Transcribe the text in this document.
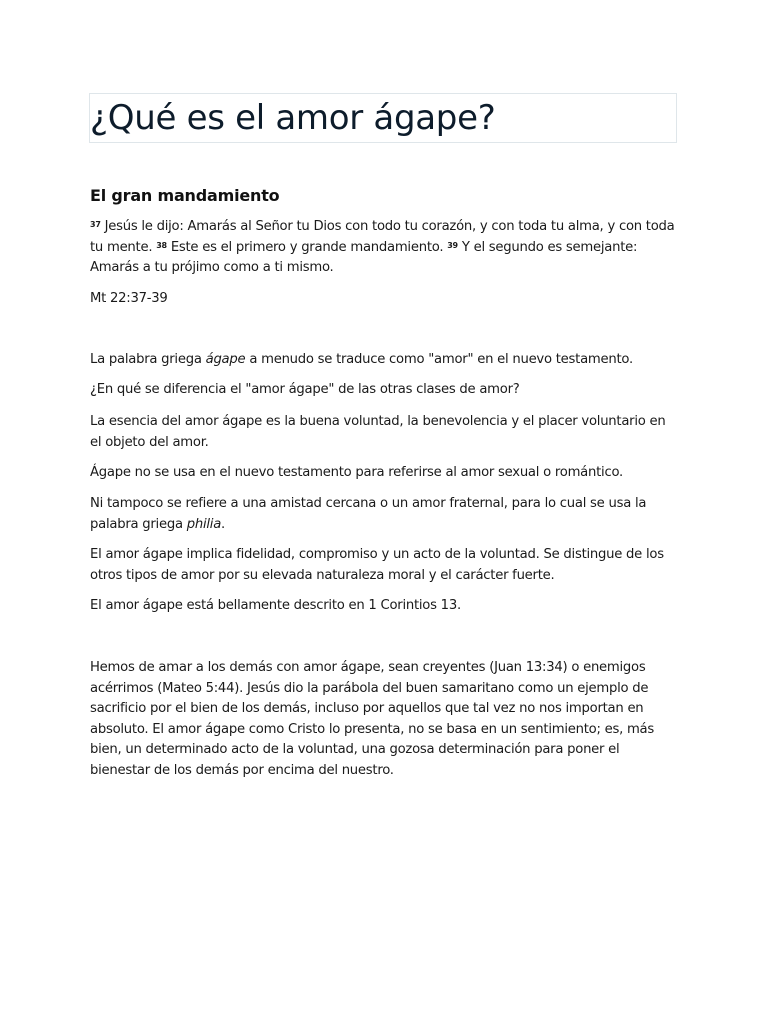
¿Qué es el amor ágape?
El gran mandamiento

$^{37}$ Jesús le dijo: Amarás al Señor tu Dios con todo tu corazón, y con toda tu alma, y con toda tu mente. $^{38}$ Este es el primero y grande mandamiento. $^{39}$ Y el segundo es semejante: Amarás a tu prójimo como a ti mismo.

Mt 22:37-39

La palabra griega ágape a menudo se traduce como "amor" en el nuevo testamento.

¿En qué se diferencia el "amor ágape" de las otras clases de amor?

La esencia del amor ágape es la buena voluntad, la benevolencia y el placer voluntario en el objeto del amor.

Ágape no se usa en el nuevo testamento para referirse al amor sexual o romántico.

Ni tampoco se refiere a una amistad cercana o un amor fraternal, para lo cual se usa la palabra griega philia.

El amor ágape implica fidelidad, compromiso y un acto de la voluntad. Se distingue de los otros tipos de amor por su elevada naturaleza moral y el carácter fuerte.

El amor ágape está bellamente descrito en 1 Corintios 13.

Hemos de amar a los demás con amor ágape, sean creyentes (Juan 13:34) o enemigos acérrimos (Mateo 5:44). Jesús dio la parábola del buen samaritano como un ejemplo de sacrificio por el bien de los demás, incluso por aquellos que tal vez no nos importan en absoluto. El amor ágape como Cristo lo presenta, no se basa en un sentimiento; es, más bien, un determinado acto de la voluntad, una gozosa determinación para poner el bienestar de los demás por encima del nuestro.
